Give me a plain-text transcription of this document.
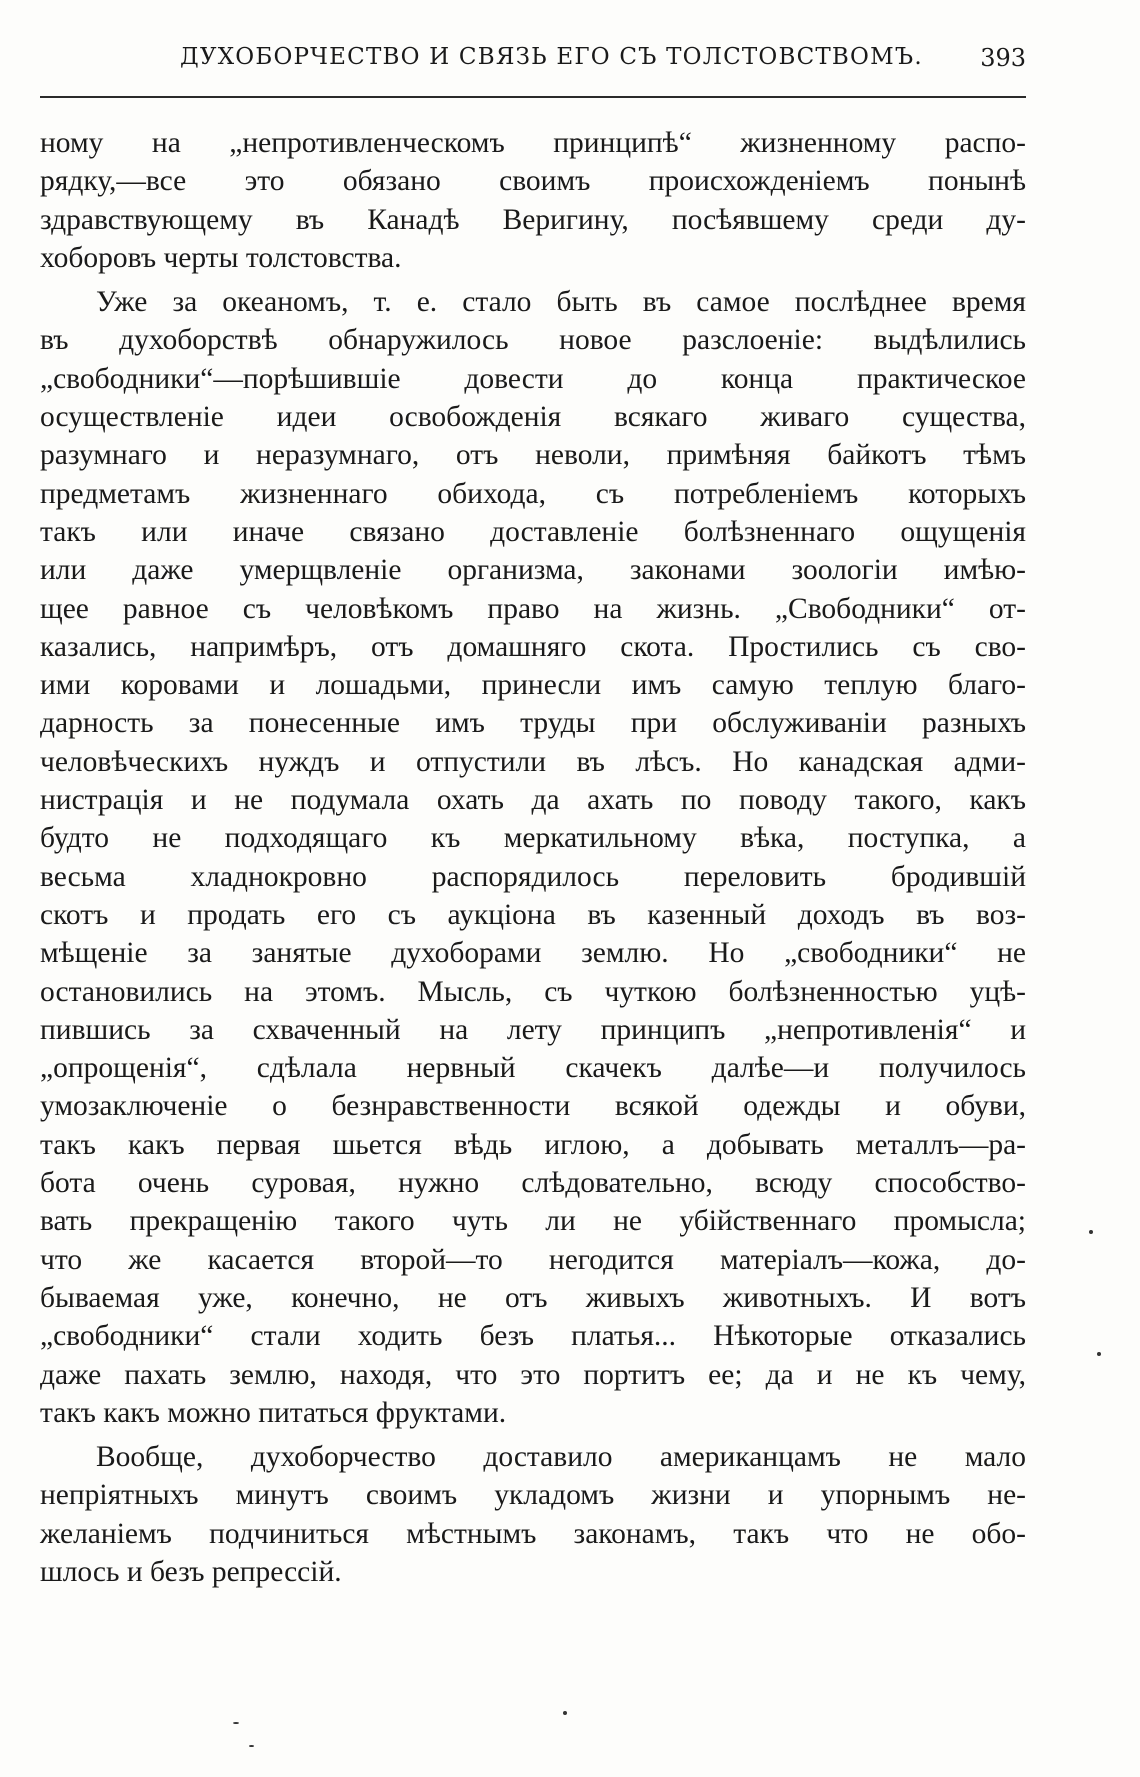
ДУХОБОРЧЕСТВО И СВЯЗЬ ЕГО СЪ ТОЛСТОВСТВОМЪ. 393
ному на „непротивленческомъ принципѣ“ жизненному распо-
рядку,—все это обязано своимъ происхожденіемъ понынѣ
здравствующему въ Канадѣ Веригину, посѣявшему среди ду-
хоборовъ черты толстовства.
Уже за океаномъ, т. е. стало быть въ самое послѣднее время
въ духоборствѣ обнаружилось новое разслоеніе: выдѣлились
„свободники“—порѣшившіе довести до конца практическое
осуществленіе идеи освобожденія всякаго живаго существа,
разумнаго и неразумнаго, отъ неволи, примѣняя байкотъ тѣмъ
предметамъ жизненнаго обихода, съ потребленіемъ которыхъ
такъ или иначе связано доставленіе болѣзненнаго ощущенія
или даже умерщвленіе организма, законами зоологіи имѣю-
щее равное съ человѣкомъ право на жизнь. „Свободники“ от-
казались, напримѣръ, отъ домашняго скота. Простились съ сво-
ими коровами и лошадьми, принесли имъ самую теплую благо-
дарность за понесенные имъ труды при обслуживаніи разныхъ
человѣческихъ нуждъ и отпустили въ лѣсъ. Но канадская адми-
нистрація и не подумала охать да ахать по поводу такого, какъ
будто не подходящаго къ меркатильному вѣка, поступка, а
весьма хладнокровно распорядилось переловить бродившій
скотъ и продать его съ аукціона въ казенный доходъ въ воз-
мѣщеніе за занятые духоборами землю. Но „свободники“ не
остановились на этомъ. Мысль, съ чуткою болѣзненностью уцѣ-
пившись за схваченный на лету принципъ „непротивленія“ и
„опрощенія“, сдѣлала нервный скачекъ далѣе—и получилось
умозаключеніе о безнравственности всякой одежды и обуви,
такъ какъ первая шьется вѣдь иглою, а добывать металлъ—ра-
бота очень суровая, нужно слѣдовательно, всюду способство-
вать прекращенію такого чуть ли не убійственнаго промысла;
что же касается второй—то негодится матеріалъ—кожа, до-
бываемая уже, конечно, не отъ живыхъ животныхъ. И вотъ
„свободники“ стали ходить безъ платья... Нѣкоторые отказались
даже пахать землю, находя, что это портитъ ее; да и не къ чему,
такъ какъ можно питаться фруктами.
Вообще, духоборчество доставило американцамъ не мало
непріятныхъ минутъ своимъ укладомъ жизни и упорнымъ не-
желаніемъ подчиниться мѣстнымъ законамъ, такъ что не обо-
шлось и безъ репрессій.
